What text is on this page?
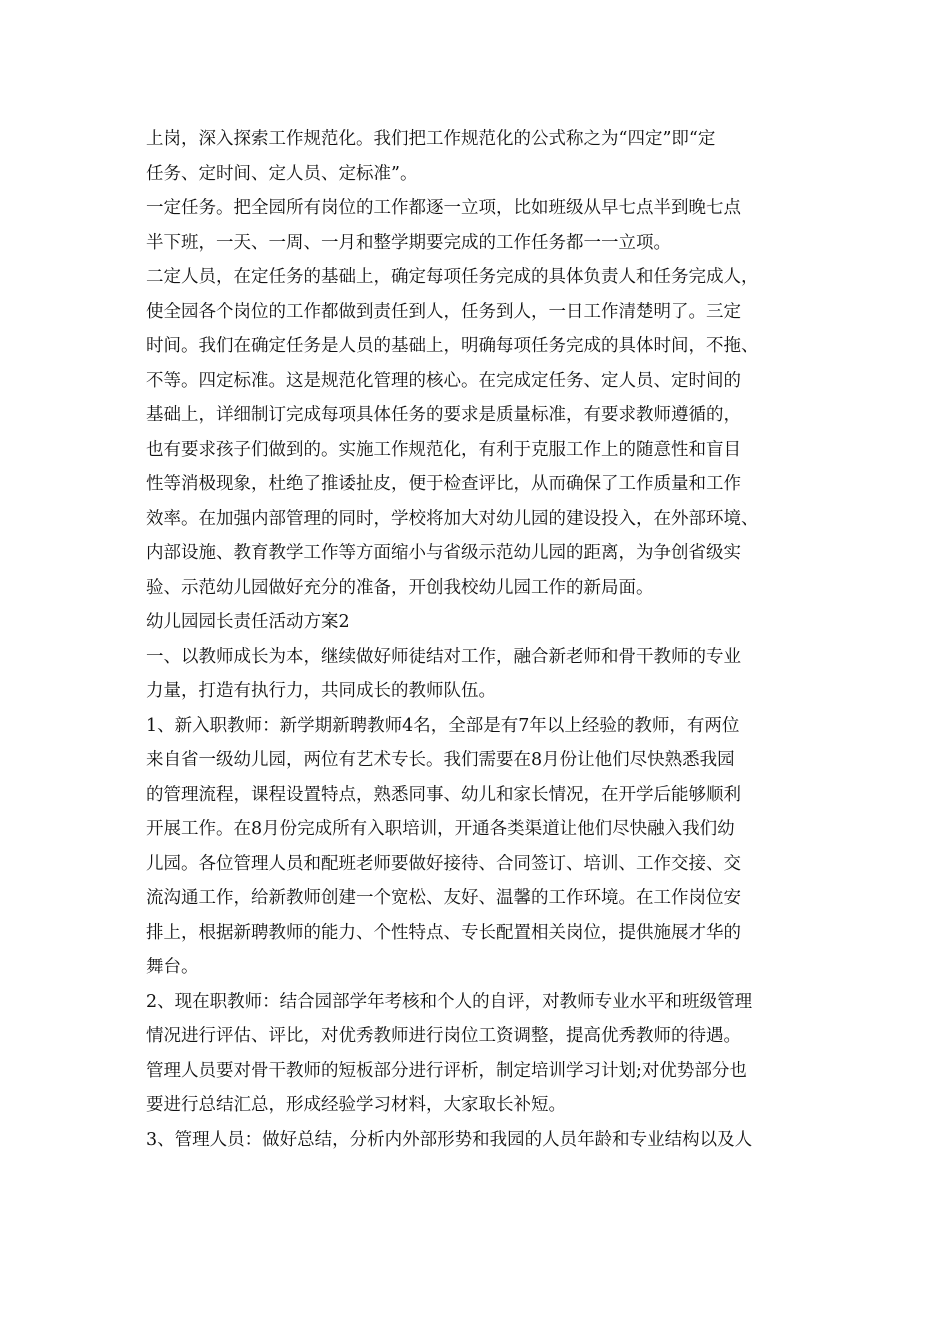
上岗，深入探索工作规范化。我们把工作规范化的公式称之为“四定”即“定
任务、定时间、定人员、定标准”。
一定任务。把全园所有岗位的工作都逐一立项，比如班级从早七点半到晚七点
半下班，一天、一周、一月和整学期要完成的工作任务都一一立项。
二定人员，在定任务的基础上，确定每项任务完成的具体负责人和任务完成人，
使全园各个岗位的工作都做到责任到人，任务到人，一日工作清楚明了。三定
时间。我们在确定任务是人员的基础上，明确每项任务完成的具体时间，不拖、
不等。四定标准。这是规范化管理的核心。在完成定任务、定人员、定时间的
基础上，详细制订完成每项具体任务的要求是质量标准，有要求教师遵循的，
也有要求孩子们做到的。实施工作规范化，有利于克服工作上的随意性和盲目
性等消极现象，杜绝了推诿扯皮，便于检查评比，从而确保了工作质量和工作
效率。在加强内部管理的同时，学校将加大对幼儿园的建设投入，在外部环境、
内部设施、教育教学工作等方面缩小与省级示范幼儿园的距离，为争创省级实
验、示范幼儿园做好充分的准备，开创我校幼儿园工作的新局面。
幼儿园园长责任活动方案2
一、以教师成长为本，继续做好师徒结对工作，融合新老师和骨干教师的专业
力量，打造有执行力，共同成长的教师队伍。
1、新入职教师：新学期新聘教师4名，全部是有7年以上经验的教师，有两位
来自省一级幼儿园，两位有艺术专长。我们需要在8月份让他们尽快熟悉我园
的管理流程，课程设置特点，熟悉同事、幼儿和家长情况，在开学后能够顺利
开展工作。在8月份完成所有入职培训，开通各类渠道让他们尽快融入我们幼
儿园。各位管理人员和配班老师要做好接待、合同签订、培训、工作交接、交
流沟通工作，给新教师创建一个宽松、友好、温馨的工作环境。在工作岗位安
排上，根据新聘教师的能力、个性特点、专长配置相关岗位，提供施展才华的
舞台。
2、现在职教师：结合园部学年考核和个人的自评，对教师专业水平和班级管理
情况进行评估、评比，对优秀教师进行岗位工资调整，提高优秀教师的待遇。
管理人员要对骨干教师的短板部分进行评析，制定培训学习计划;对优势部分也
要进行总结汇总，形成经验学习材料，大家取长补短。
3、管理人员：做好总结，分析内外部形势和我园的人员年龄和专业结构以及人
